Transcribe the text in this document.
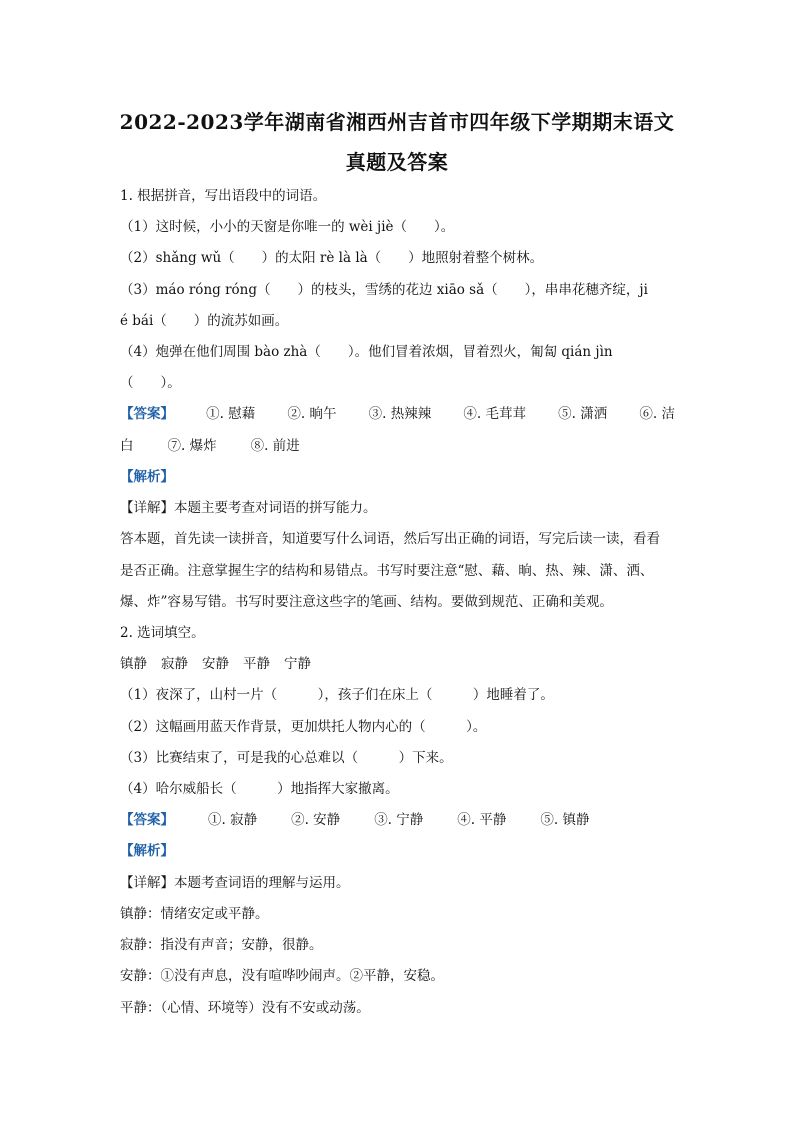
2022-2023学年湖南省湘西州吉首市四年级下学期期末语文
真题及答案
1. 根据拼音，写出语段中的词语。
（1）这时候，小小的天窗是你唯一的 wèi jiè（　　）。
（2）shǎng wǔ（　　）的太阳 rè là là（　　）地照射着整个树林。
（3）máo róng róng（　　）的枝头，雪绣的花边 xiāo sǎ（　　），串串花穗齐绽，ji
é bái（　　）的流苏如画。
（4）炮弹在他们周围 bào zhà（　　）。他们冒着浓烟，冒着烈火，匍匐 qián jìn
（　　）。
【答案】 ①. 慰藉 ②. 晌午 ③. 热辣辣 ④. 毛茸茸 ⑤. 潇洒 ⑥. 洁
白	⑦. 爆炸	⑧. 前进
【解析】
【详解】本题主要考查对词语的拼写能力。
答本题，首先读一读拼音，知道要写什么词语，然后写出正确的词语，写完后读一读，看看
是否正确。注意掌握生字的结构和易错点。书写时要注意“慰、藉、晌、热、辣、潇、洒、
爆、炸”容易写错。书写时要注意这些字的笔画、结构。要做到规范、正确和美观。
2. 选词填空。
镇静 寂静 安静 平静 宁静
（1）夜深了，山村一片（　　　），孩子们在床上（　　　）地睡着了。
（2）这幅画用蓝天作背景，更加烘托人物内心的（　　　）。
（3）比赛结束了，可是我的心总难以（　　　）下来。
（4）哈尔威船长（　　　）地指挥大家撤离。
【答案】	①. 寂静	②. 安静	③. 宁静	④. 平静	⑤. 镇静
【解析】
【详解】本题考查词语的理解与运用。
镇静：情绪安定或平静。
寂静：指没有声音；安静，很静。
安静：①没有声息，没有喧哗吵闹声。②平静，安稳。
平静：（心情、环境等）没有不安或动荡。
